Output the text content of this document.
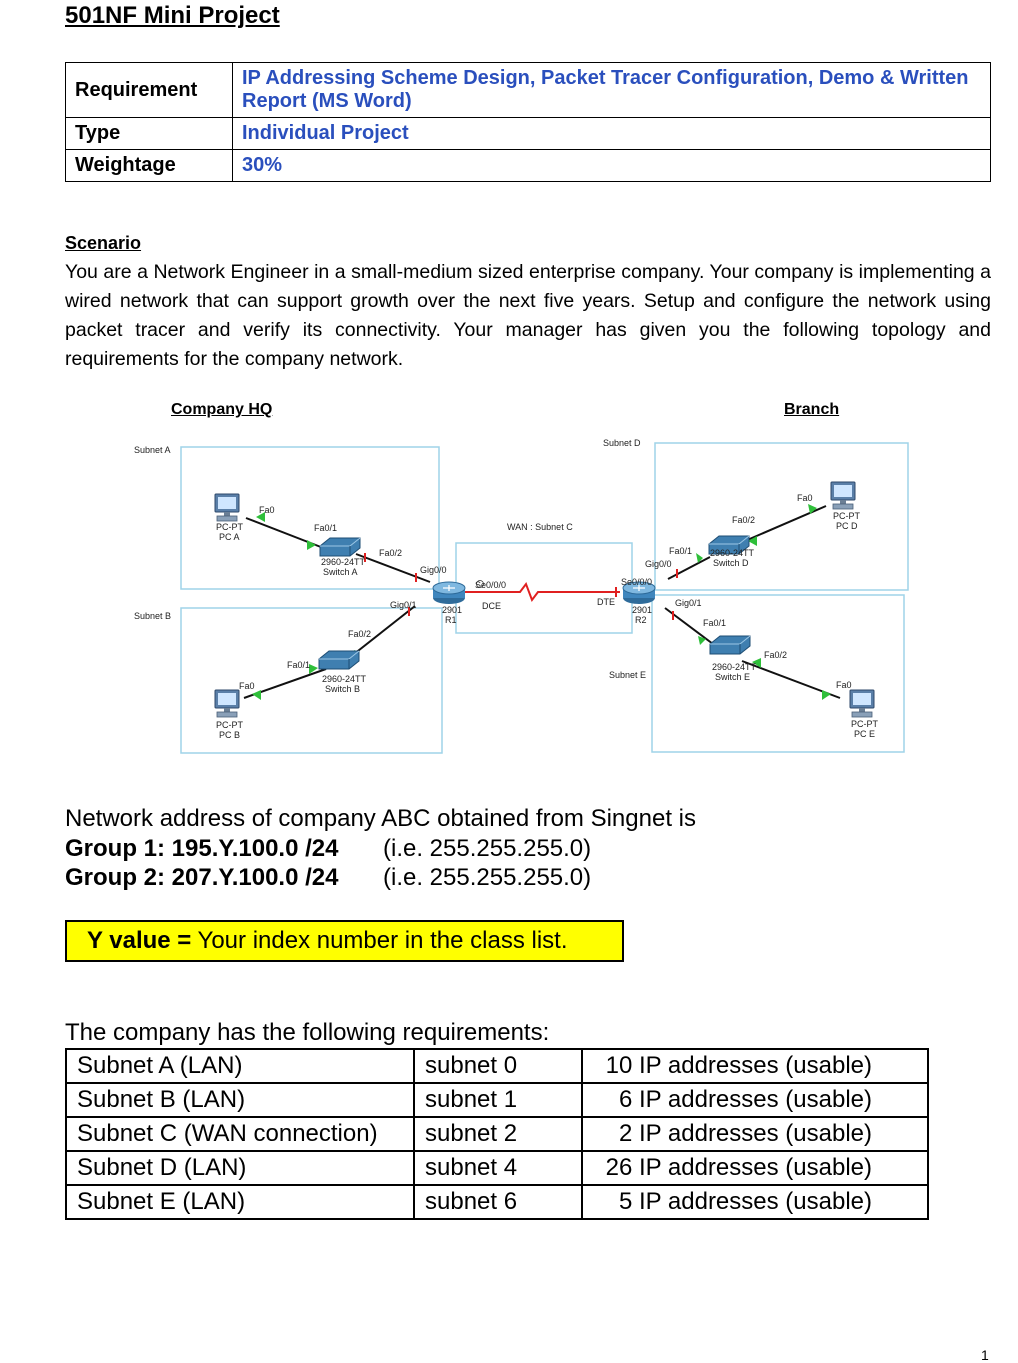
501NF Mini Project
Requirement	IP Addressing Scheme Design, Packet Tracer Configuration, Demo & Written Report (MS Word)
Type	Individual Project
Weightage	30%
Scenario
You are a Network Engineer in a small-medium sized enterprise company. Your company is implementing a wired network that can support growth over the next five years. Setup and configure the network using packet tracer and verify its connectivity. Your manager has given you the following topology and requirements for the company network.
Company HQ	Branch
Subnet A
Subnet B
WAN : Subnet C
Subnet D
Subnet E
PC-PT
PC A
PC-PT
PC B
PC-PT
PC D
PC-PT
PC E
2960-24TT
Switch A
2960-24TT
Switch B
2960-24TT
Switch D
2960-24TT
Switch E
2901
R1
2901
R2
Fa0
Fa0/1
Fa0/2
Gig0/0
Gig0/1
Fa0/2
Fa0/1
Fa0
Se0/0/0
DCE	DTE
Se0/0/0
Gig0/0
Fa0/1
Fa0/2
Fa0
Gig0/1
Fa0/1
Fa0/2
Fa0
Network address of company ABC obtained from Singnet is
Group 1: 195.Y.100.0 /24 (i.e. 255.255.255.0)
Group 2: 207.Y.100.0 /24 (i.e. 255.255.255.0)
Y value = Your index number in the class list.
The company has the following requirements:
Subnet A (LAN)	subnet 0	10 IP addresses (usable)
Subnet B (LAN)	subnet 1	6 IP addresses (usable)
Subnet C (WAN connection)	subnet 2	2 IP addresses (usable)
Subnet D (LAN)	subnet 4	26 IP addresses (usable)
Subnet E (LAN)	subnet 6	5 IP addresses (usable)
1
